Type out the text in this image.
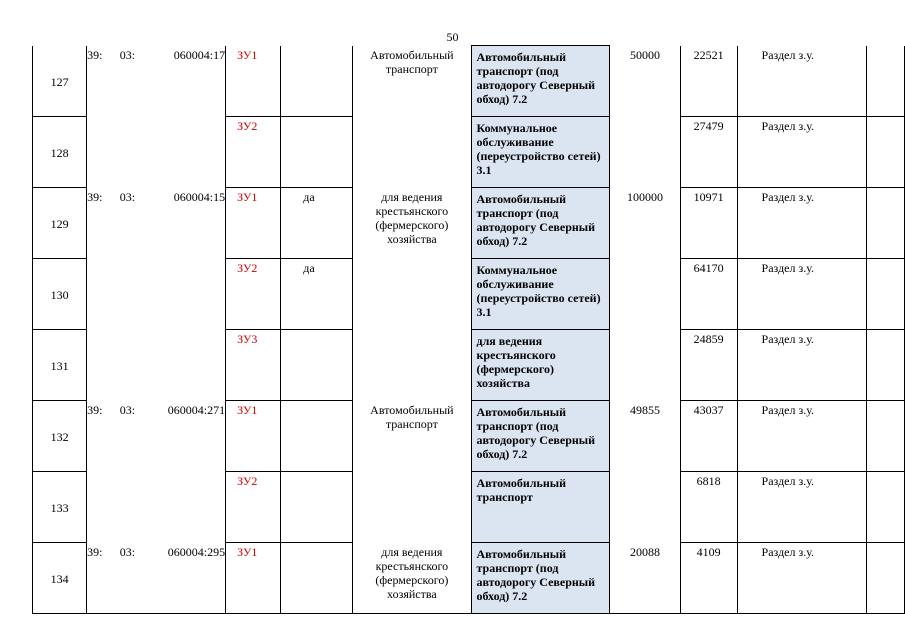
50
127	39:	03:	060004:17	ЗУ1		Автомобильный транспорт	Автомобильный транспорт (под автодорогу Северный обход) 7.2	50000	22521	Раздел з.у.	

128				ЗУ2			Коммунальное обслуживание (переустройство сетей) 3.1		27479	Раздел з.у.	

129	39:	03:	060004:15	ЗУ1	да	для ведения крестьянского (фермерского) хозяйства	Автомобильный транспорт (под автодорогу Северный обход) 7.2	100000	10971	Раздел з.у.	

130				ЗУ2	да		Коммунальное обслуживание (переустройство сетей) 3.1		64170	Раздел з.у.	

131				ЗУ3			для ведения крестьянского (фермерского) хозяйства		24859	Раздел з.у.	

132	39:	03:	060004:271	ЗУ1		Автомобильный транспорт	Автомобильный транспорт (под автодорогу Северный обход) 7.2	49855	43037	Раздел з.у.	

133				ЗУ2			Автомобильный транспорт		6818	Раздел з.у.	

134	39:	03:	060004:295	ЗУ1		для ведения крестьянского (фермерского) хозяйства	Автомобильный транспорт (под автодорогу Северный обход) 7.2	20088	4109	Раздел з.у.	
